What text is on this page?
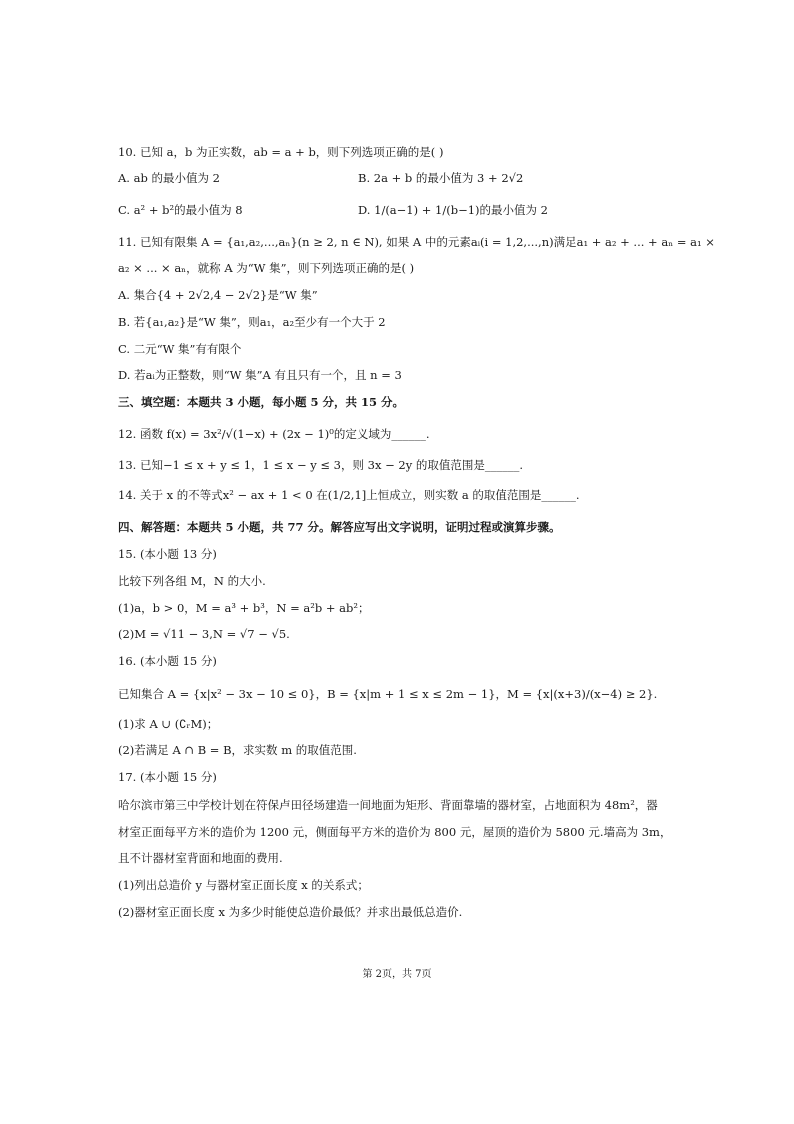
10. 已知 a，b 为正实数，ab = a + b，则下列选项正确的是( )
A. ab 的最小值为 2	B. 2a + b 的最小值为 3 + 2√2
C. a² + b²的最小值为 8	D. 1/(a−1) + 1/(b−1)的最小值为 2
11. 已知有限集 A = {a₁,a₂,...,aₙ}(n ≥ 2, n ∈ N), 如果 A 中的元素aᵢ(i = 1,2,...,n)满足a₁ + a₂ + ... + aₙ = a₁ ×
a₂ × ... × aₙ，就称 A 为“W 集”，则下列选项正确的是( )
A. 集合{4 + 2√2,4 − 2√2}是“W 集”
B. 若{a₁,a₂}是“W 集”，则a₁，a₂至少有一个大于 2
C. 二元“W 集”有有限个
D. 若aᵢ为正整数，则“W 集”A 有且只有一个，且 n = 3
三、填空题：本题共 3 小题，每小题 5 分，共 15 分。
12. 函数 f(x) = 3x²/√(1−x) + (2x − 1)⁰的定义域为______.
13. 已知−1 ≤ x + y ≤ 1，1 ≤ x − y ≤ 3，则 3x − 2y 的取值范围是______.
14. 关于 x 的不等式x² − ax + 1 < 0 在(1/2,1]上恒成立，则实数 a 的取值范围是______.
四、解答题：本题共 5 小题，共 77 分。解答应写出文字说明，证明过程或演算步骤。
15. (本小题 13 分)
比较下列各组 M，N 的大小.
(1)a，b > 0，M = a³ + b³，N = a²b + ab²；
(2)M = √11 − 3,N = √7 − √5.
16. (本小题 15 分)
已知集合 A = {x|x² − 3x − 10 ≤ 0}，B = {x|m + 1 ≤ x ≤ 2m − 1}，M = {x|(x+3)/(x−4) ≥ 2}.
(1)求 A ∪ (∁ᵣM)；
(2)若满足 A ∩ B = B，求实数 m 的取值范围.
17. (本小题 15 分)
哈尔滨市第三中学校计划在符保卢田径场建造一间地面为矩形、背面靠墙的器材室，占地面积为 48m²，器
材室正面每平方米的造价为 1200 元，侧面每平方米的造价为 800 元，屋顶的造价为 5800 元.墙高为 3m，
且不计器材室背面和地面的费用.
(1)列出总造价 y 与器材室正面长度 x 的关系式；
(2)器材室正面长度 x 为多少时能使总造价最低？并求出最低总造价.
第 2页，共 7页
